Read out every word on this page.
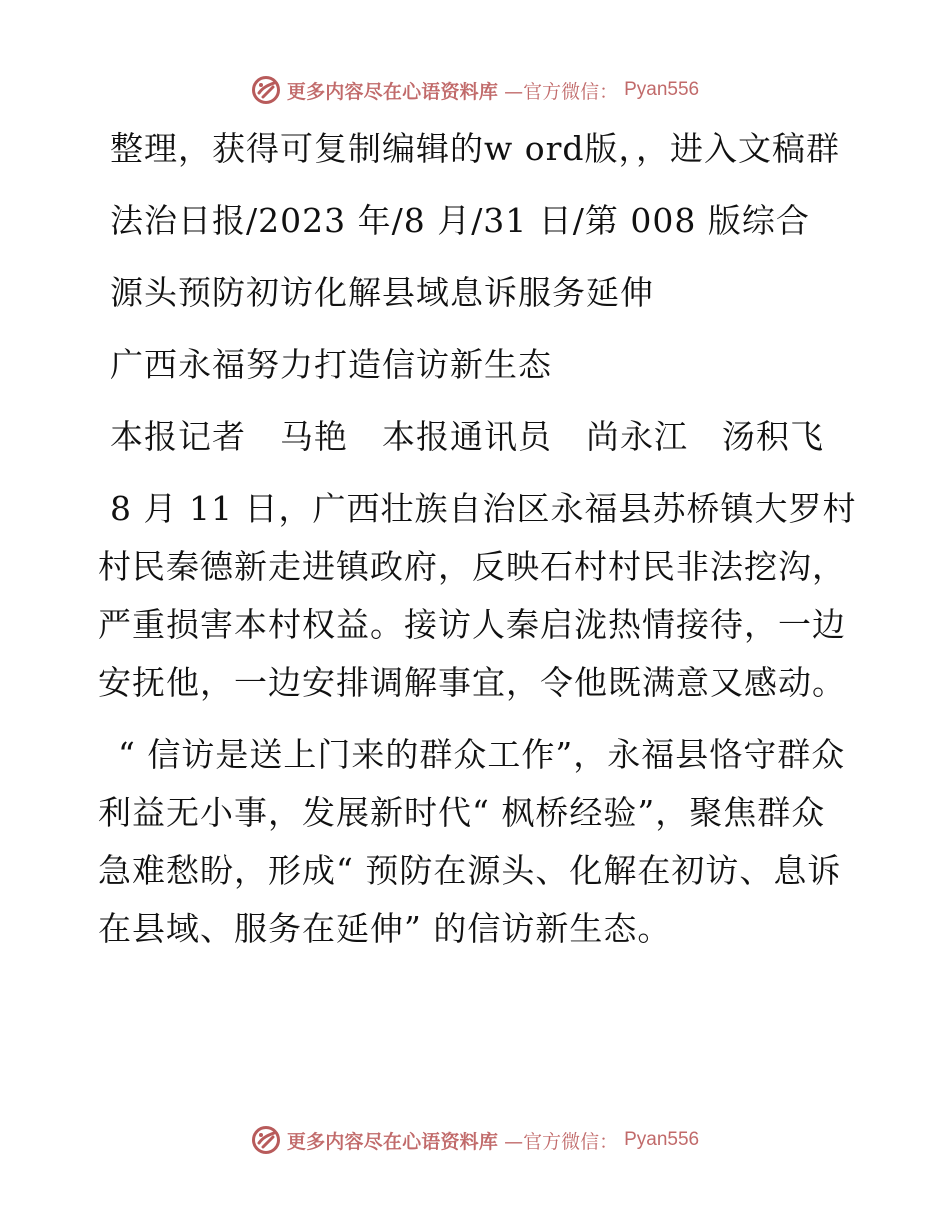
更多内容尽在心语资料库 —官方微信： Pyan556

整理，获得可复制编辑的w ord版，，进入文稿群

法治日报/2023 年/8 月/31 日/第 008 版综合

源头预防初访化解县域息诉服务延伸

广西永福努力打造信访新生态

本报记者　马艳　本报通讯员　尚永江　汤积飞

8 月 11 日，广西壮族自治区永福县苏桥镇大罗村村民秦德新走进镇政府，反映石村村民非法挖沟，严重损害本村权益。接访人秦启泷热情接待，一边安抚他，一边安排调解事宜，令他既满意又感动。

“ 信访是送上门来的群众工作”，永福县恪守群众利益无小事，发展新时代“ 枫桥经验”，聚焦群众急难愁盼，形成“ 预防在源头、化解在初访、息诉在县域、服务在延伸” 的信访新生态。

更多内容尽在心语资料库 —官方微信： Pyan556
